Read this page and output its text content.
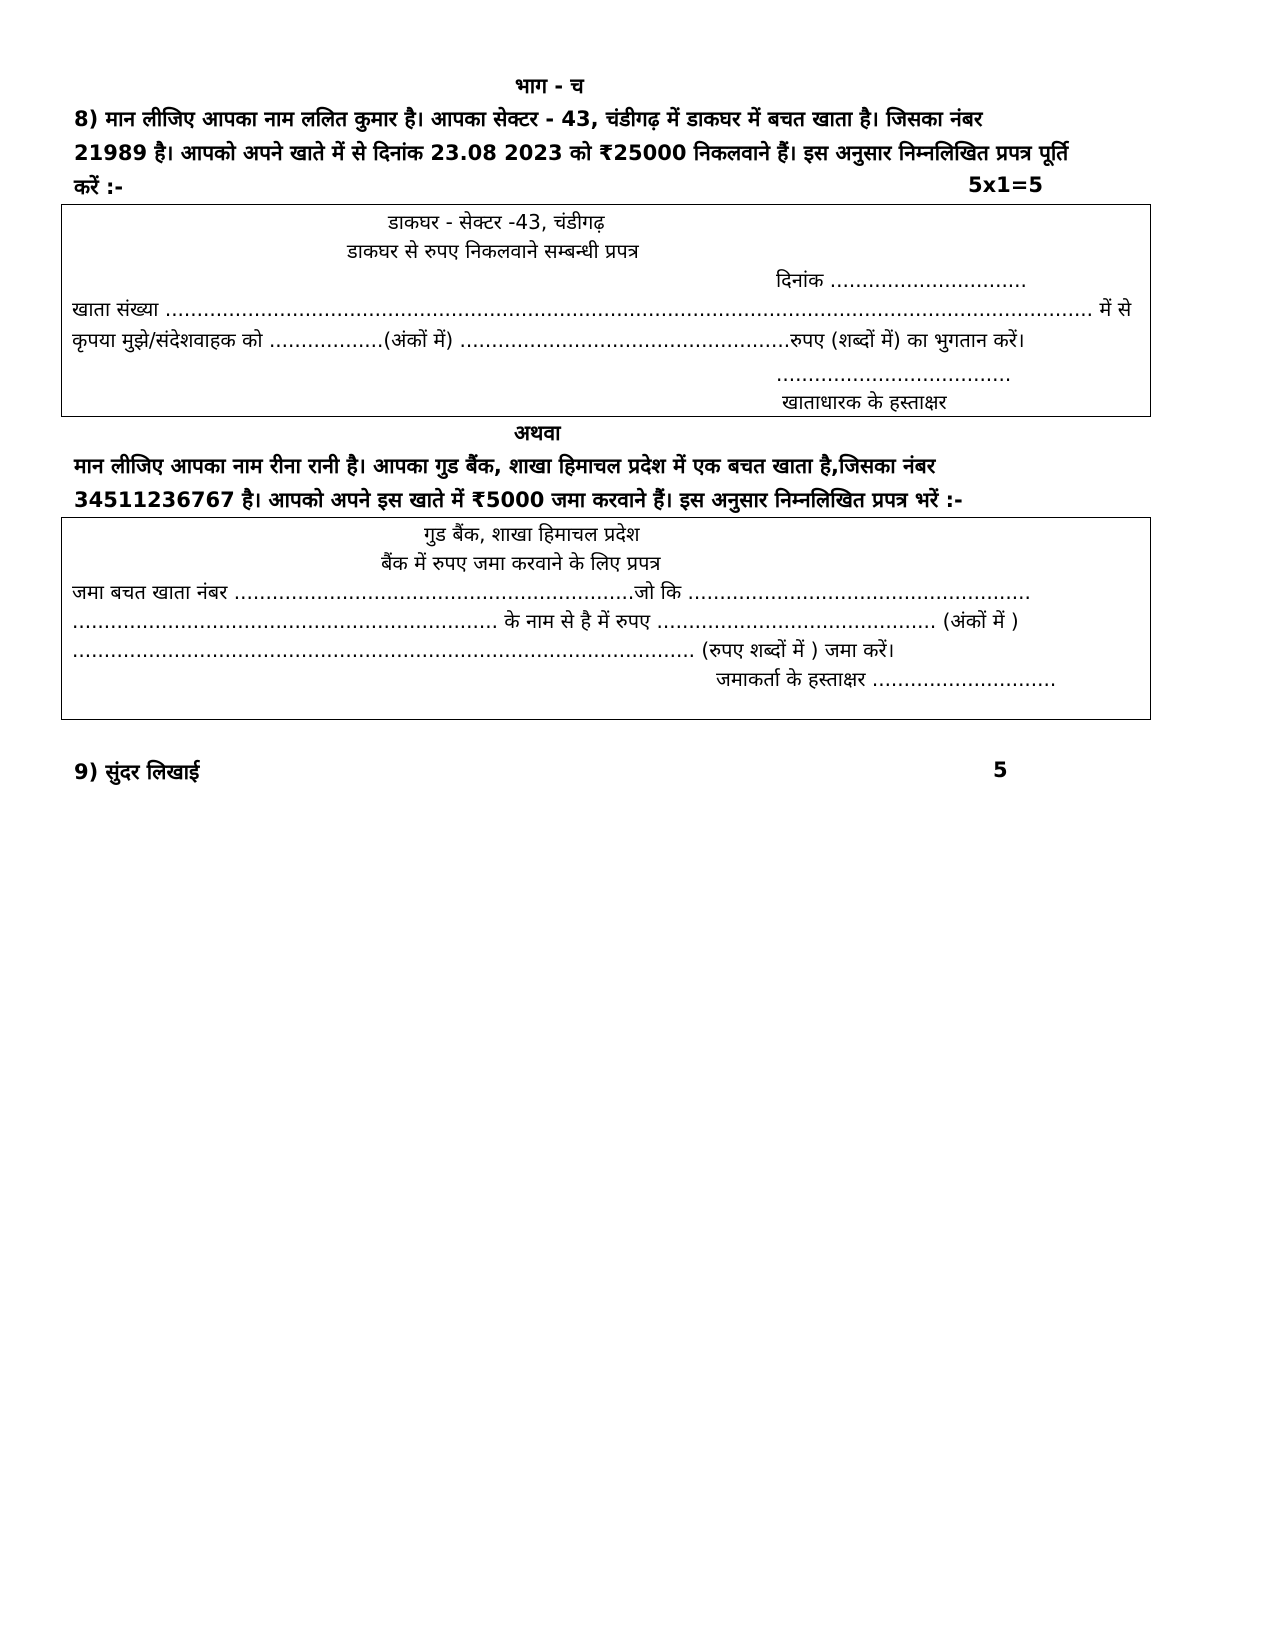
भाग - च
8) मान लीजिए आपका नाम ललित कुमार है। आपका सेक्टर - 43, चंडीगढ़ में डाकघर में बचत खाता है। जिसका नंबर
21989 है। आपको अपने खाते में से दिनांक 23.08 2023 को ₹25000 निकलवाने हैं। इस अनुसार निम्नलिखित प्रपत्र पूर्ति
करें :-	5x1=5
डाकघर - सेक्टर -43, चंडीगढ़
डाकघर से रुपए निकलवाने सम्बन्धी प्रपत्र
दिनांक ...............................
खाता संख्या .................................................................................................................................................. में से
कृपया मुझे/संदेशवाहक को ..................(अंकों में) ....................................................रुपए (शब्दों में) का भुगतान करें।
.....................................
खाताधारक के हस्ताक्षर
अथवा
मान लीजिए आपका नाम रीना रानी है। आपका गुड बैंक, शाखा हिमाचल प्रदेश में एक बचत खाता है,जिसका नंबर
34511236767 है। आपको अपने इस खाते में ₹5000 जमा करवाने हैं। इस अनुसार निम्नलिखित प्रपत्र भरें :-
गुड बैंक, शाखा हिमाचल प्रदेश
बैंक में रुपए जमा करवाने के लिए प्रपत्र
जमा बचत खाता नंबर ...............................................................जो कि ......................................................
................................................................... के नाम से है में रुपए ............................................ (अंकों में )
.................................................................................................. (रुपए शब्दों में ) जमा करें।
जमाकर्ता के हस्ताक्षर .............................
9) सुंदर लिखाई	5
